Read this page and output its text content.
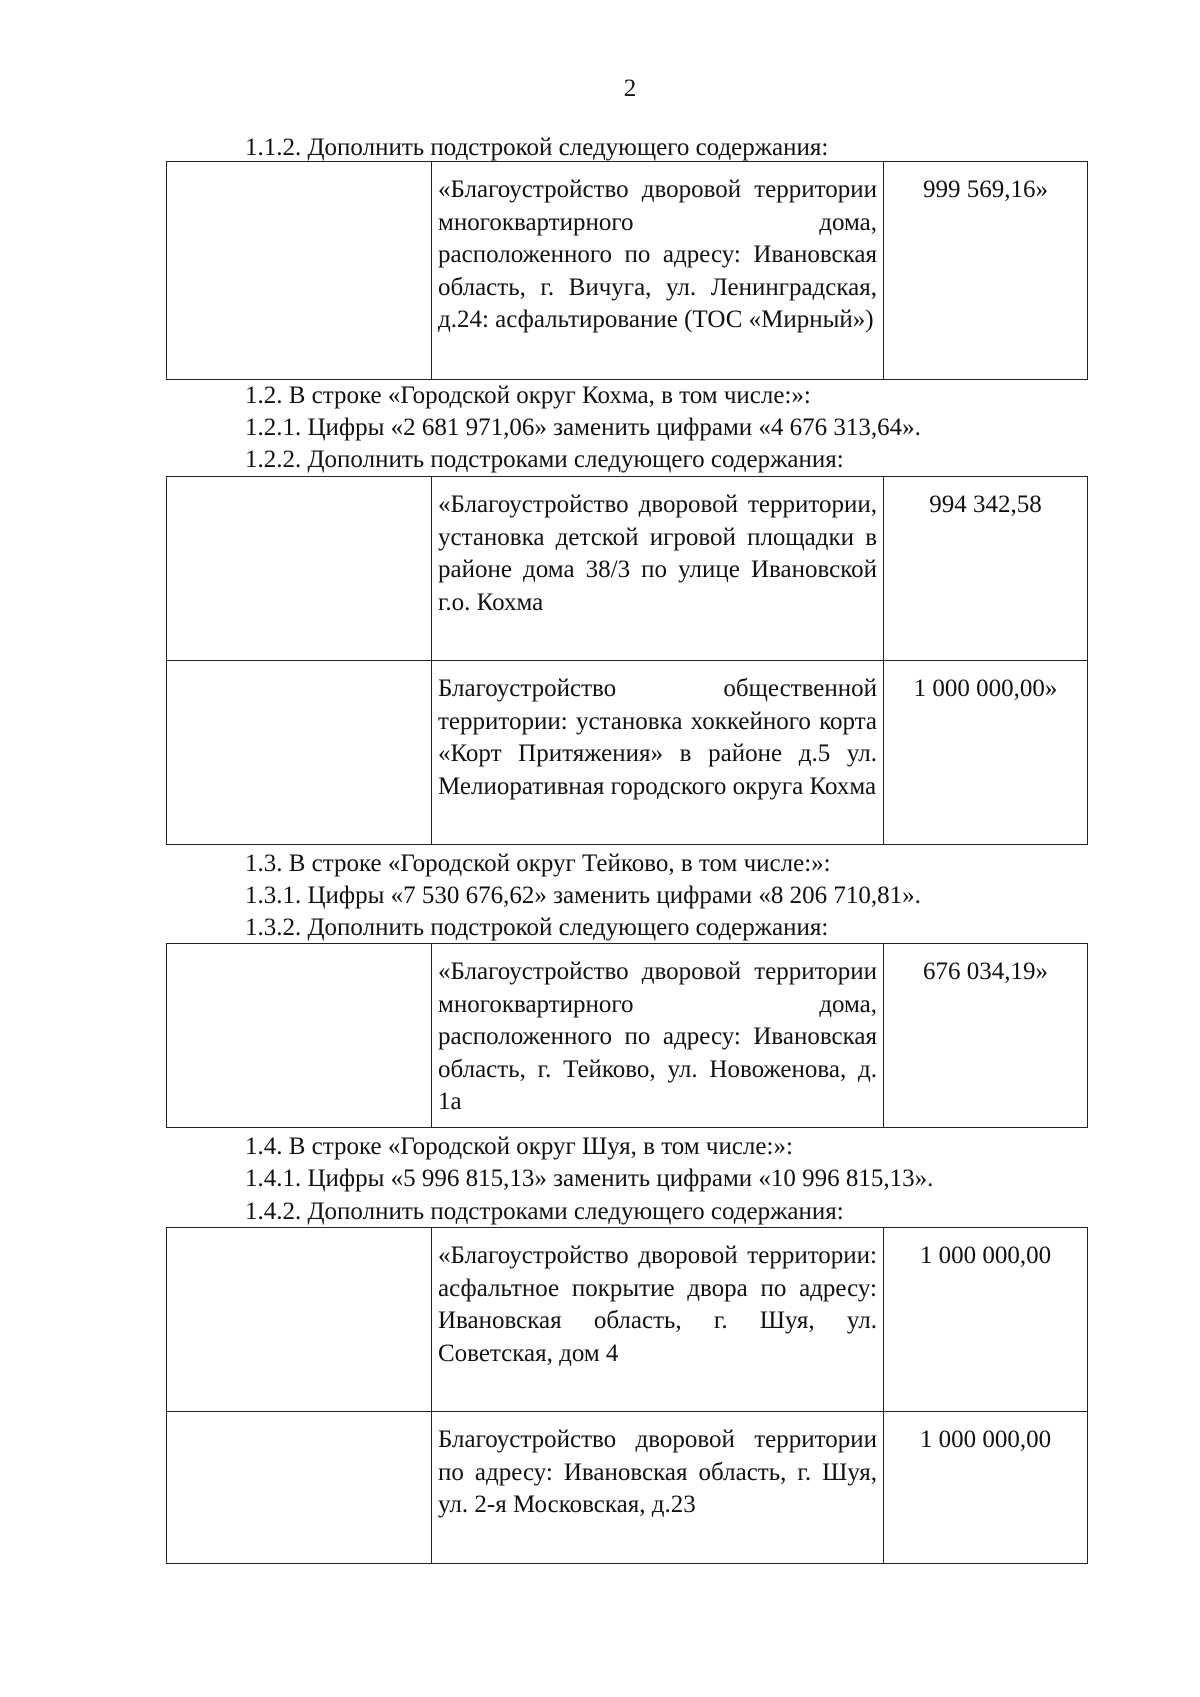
2
1.1.2. Дополнить подстрокой следующего содержания:
	«Благоустройство дворовой территории многоквартирного дома, расположенного по адресу: Ивановская область, г. Вичуга, ул. Ленинградская, д.24: асфальтирование (ТОС «Мирный»)	999 569,16»
1.2. В строке «Городской округ Кохма, в том числе:»:
1.2.1. Цифры «2 681 971,06» заменить цифрами «4 676 313,64».
1.2.2. Дополнить подстроками следующего содержания:
	«Благоустройство дворовой территории, установка детской игровой площадки в районе дома 38/3 по улице Ивановской г.о. Кохма	994 342,58
	Благоустройство общественной территории: установка хоккейного корта «Корт Притяжения» в районе д.5 ул. Мелиоративная городского округа Кохма	1 000 000,00»
1.3. В строке «Городской округ Тейково, в том числе:»:
1.3.1. Цифры «7 530 676,62» заменить цифрами «8 206 710,81».
1.3.2. Дополнить подстрокой следующего содержания:
	«Благоустройство дворовой территории многоквартирного дома, расположенного по адресу: Ивановская область, г. Тейково, ул. Новоженова, д. 1а	676 034,19»
1.4. В строке «Городской округ Шуя, в том числе:»:
1.4.1. Цифры «5 996 815,13» заменить цифрами «10 996 815,13».
1.4.2. Дополнить подстроками следующего содержания:
	«Благоустройство дворовой территории: асфальтное покрытие двора по адресу: Ивановская область, г. Шуя, ул. Советская, дом 4	1 000 000,00
	Благоустройство дворовой территории по адресу: Ивановская область, г. Шуя, ул. 2-я Московская, д.23	1 000 000,00
